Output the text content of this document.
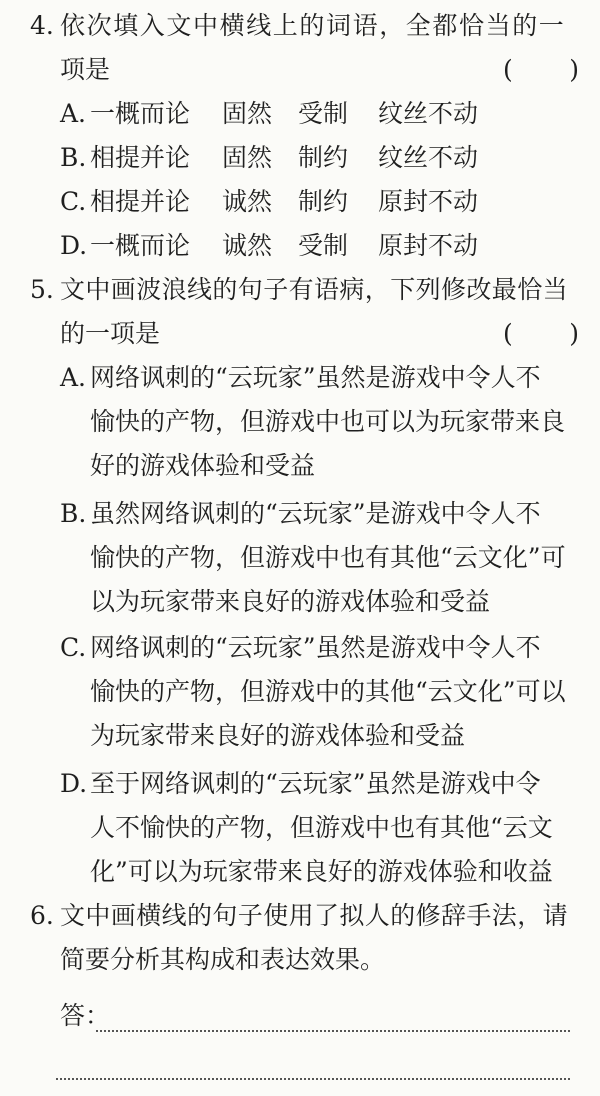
4. 依次填入文中横线上的词语，全都恰当的一
项是	( )
A. 一概而论 固然 受制 纹丝不动
B. 相提并论 固然 制约 纹丝不动
C. 相提并论 诚然 制约 原封不动
D. 一概而论 诚然 受制 原封不动
5. 文中画波浪线的句子有语病，下列修改最恰当
的一项是	( )
A. 网络讽刺的“云玩家”虽然是游戏中令人不
愉快的产物，但游戏中也可以为玩家带来良
好的游戏体验和受益
B. 虽然网络讽刺的“云玩家”是游戏中令人不
愉快的产物，但游戏中也有其他“云文化”可
以为玩家带来良好的游戏体验和受益
C. 网络讽刺的“云玩家”虽然是游戏中令人不
愉快的产物，但游戏中的其他“云文化”可以
为玩家带来良好的游戏体验和受益
D. 至于网络讽刺的“云玩家”虽然是游戏中令
人不愉快的产物，但游戏中也有其他“云文
化”可以为玩家带来良好的游戏体验和收益
6. 文中画横线的句子使用了拟人的修辞手法，请
简要分析其构成和表达效果。
答：
